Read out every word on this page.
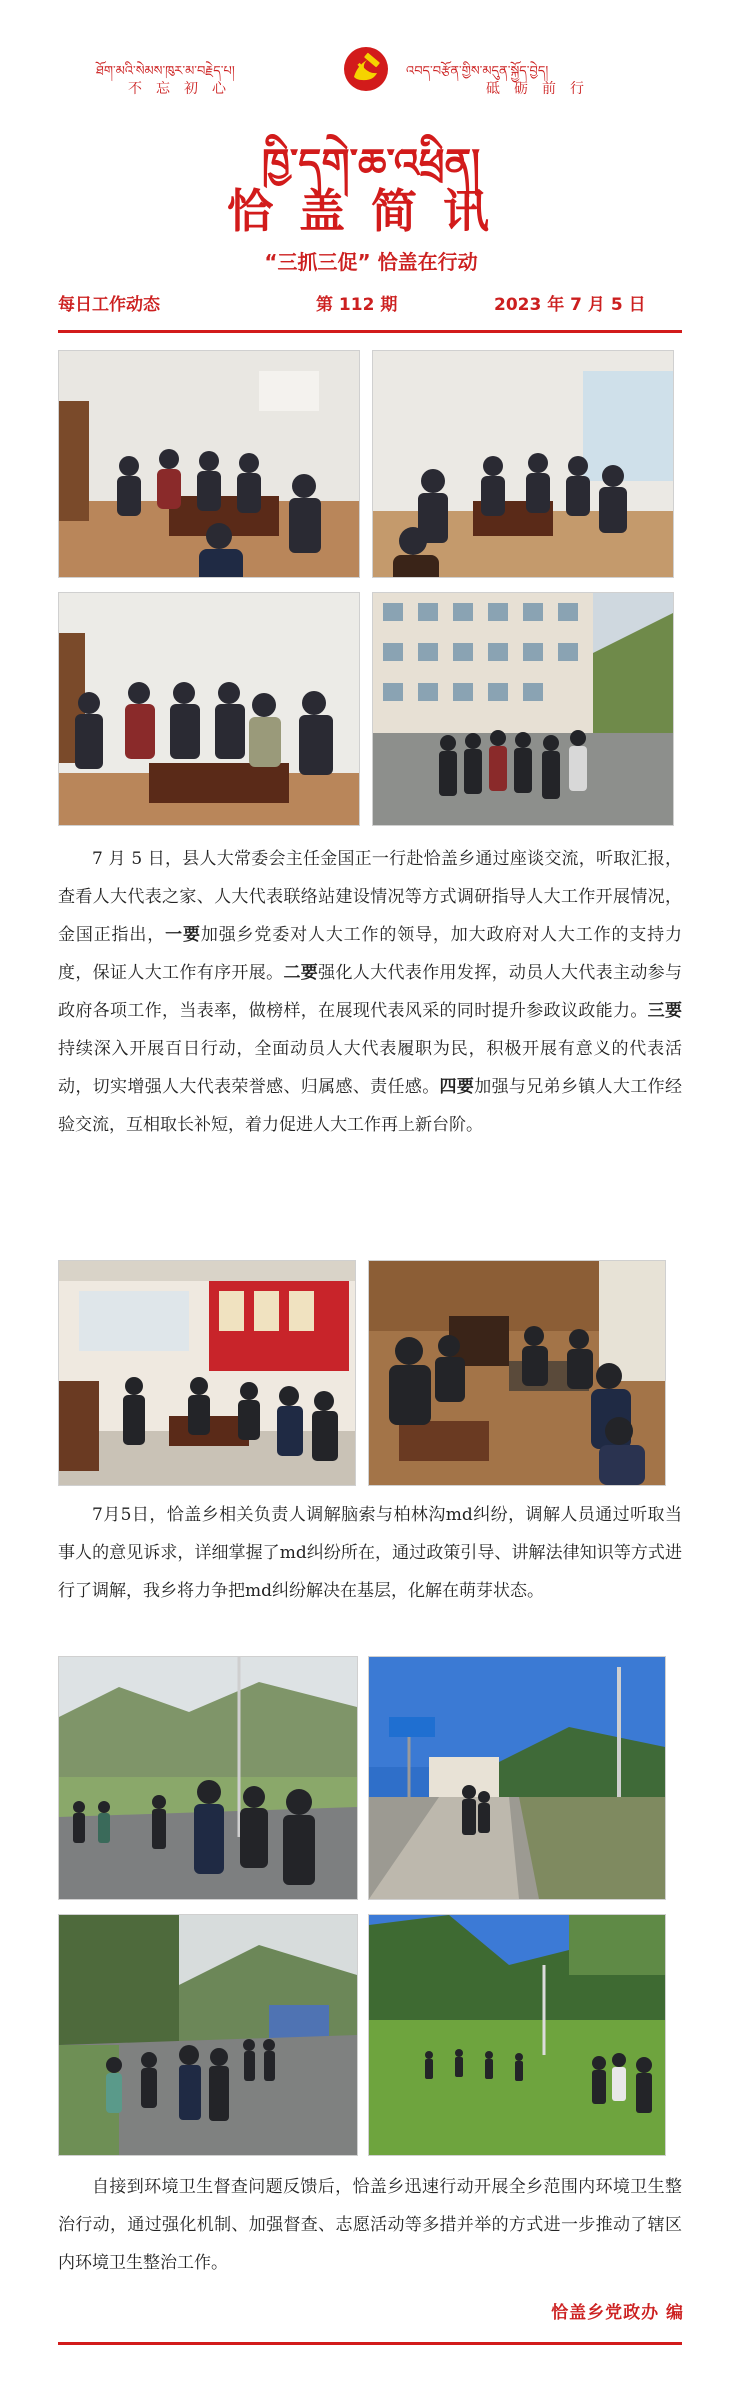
ཐོག་མའི་སེམས་ཁུར་མ་བརྗེད་པ།	འབད་བརྩོན་གྱིས་མདུན་སྐྱོད་བྱེད།
不忘初心	砥砺前行
ཁྱི་དགེ་ཆ་འཕྲིན།
恰盖简讯
“三抓三促” 恰盖在行动
每日工作动态	第 112 期	2023 年 7 月 5 日
7 月 5 日，县人大常委会主任金国正一行赴恰盖乡通过座谈交流，听取汇报，查看人大代表之家、人大代表联络站建设情况等方式调研指导人大工作开展情况，金国正指出，一要加强乡党委对人大工作的领导，加大政府对人大工作的支持力度，保证人大工作有序开展。二要强化人大代表作用发挥，动员人大代表主动参与政府各项工作，当表率，做榜样，在展现代表风采的同时提升参政议政能力。三要持续深入开展百日行动，全面动员人大代表履职为民，积极开展有意义的代表活动，切实增强人大代表荣誉感、归属感、责任感。四要加强与兄弟乡镇人大工作经验交流，互相取长补短，着力促进人大工作再上新台阶。
7月5日，恰盖乡相关负责人调解脑索与柏林沟md纠纷，调解人员通过听取当事人的意见诉求，详细掌握了md纠纷所在，通过政策引导、讲解法律知识等方式进行了调解，我乡将力争把md纠纷解决在基层，化解在萌芽状态。
自接到环境卫生督查问题反馈后，恰盖乡迅速行动开展全乡范围内环境卫生整治行动，通过强化机制、加强督查、志愿活动等多措并举的方式进一步推动了辖区内环境卫生整治工作。
恰盖乡党政办 编
